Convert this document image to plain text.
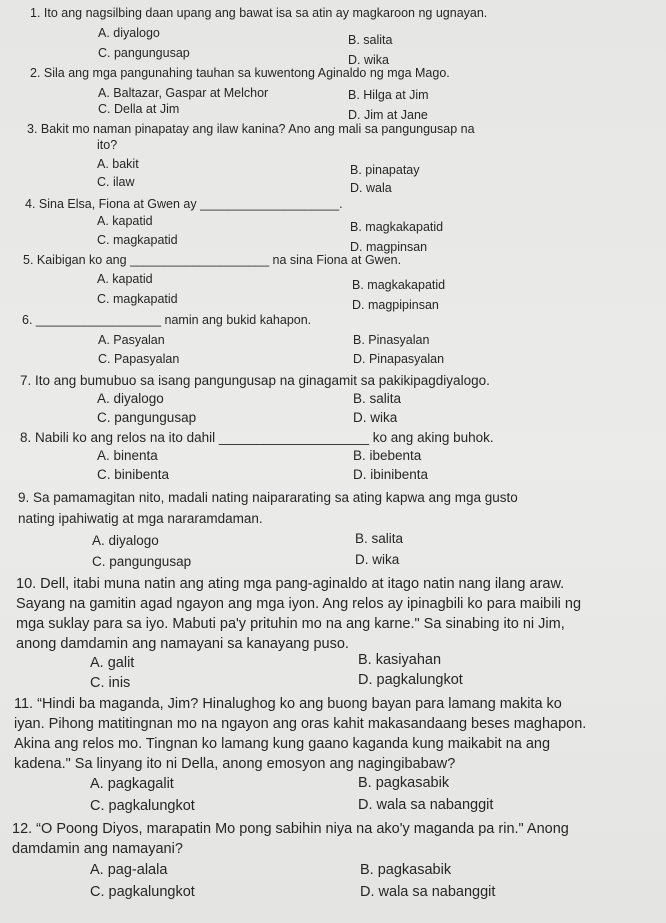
1. Ito ang nagsilbing daan upang ang bawat isa sa atin ay magkaroon ng ugnayan.
A. diyalogo	B. salita
C. pangungusap	D. wika
2. Sila ang mga pangunahing tauhan sa kuwentong Aginaldo ng mga Mago.
A. Baltazar, Gaspar at Melchor	B. Hilga at Jim
C. Della at Jim	D. Jim at Jane
3. Bakit mo naman pinapatay ang ilaw kanina? Ano ang mali sa pangungusap na
ito?
A. bakit	B. pinapatay
C. ilaw	D. wala
4. Sina Elsa, Fiona at Gwen ay ____________________.
A. kapatid	B. magkakapatid
C. magkapatid	D. magpinsan
5. Kaibigan ko ang ____________________ na sina Fiona at Gwen.
A. kapatid	B. magkakapatid
C. magkapatid	D. magpipinsan
6. __________________ namin ang bukid kahapon.
A. Pasyalan	B. Pinasyalan
C. Papasyalan	D. Pinapasyalan
7. Ito ang bumubuo sa isang pangungusap na ginagamit sa pakikipagdiyalogo.
A. diyalogo	B. salita
C. pangungusap	D. wika
8. Nabili ko ang relos na ito dahil ____________________ ko ang aking buhok.
A. binenta	B. ibebenta
C. binibenta	D. ibinibenta
9. Sa pamamagitan nito, madali nating naipararating sa ating kapwa ang mga gusto
nating ipahiwatig at mga nararamdaman.
A. diyalogo	B. salita
C. pangungusap	D. wika
10. Dell, itabi muna natin ang ating mga pang-aginaldo at itago natin nang ilang araw.
Sayang na gamitin agad ngayon ang mga iyon. Ang relos ay ipinagbili ko para maibili ng
mga suklay para sa iyo. Mabuti pa'y prituhin mo na ang karne." Sa sinabing ito ni Jim,
anong damdamin ang namayani sa kanayang puso.
A. galit	B. kasiyahan
C. inis	D. pagkalungkot
11. “Hindi ba maganda, Jim? Hinalughog ko ang buong bayan para lamang makita ko
iyan. Pihong matitingnan mo na ngayon ang oras kahit makasandaang beses maghapon.
Akina ang relos mo. Tingnan ko lamang kung gaano kaganda kung maikabit na ang
kadena." Sa linyang ito ni Della, anong emosyon ang nagingibabaw?
A. pagkagalit	B. pagkasabik
C. pagkalungkot	D. wala sa nabanggit
12. “O Poong Diyos, marapatin Mo pong sabihin niya na ako'y maganda pa rin." Anong
damdamin ang namayani?
A. pag-alala	B. pagkasabik
C. pagkalungkot	D. wala sa nabanggit
